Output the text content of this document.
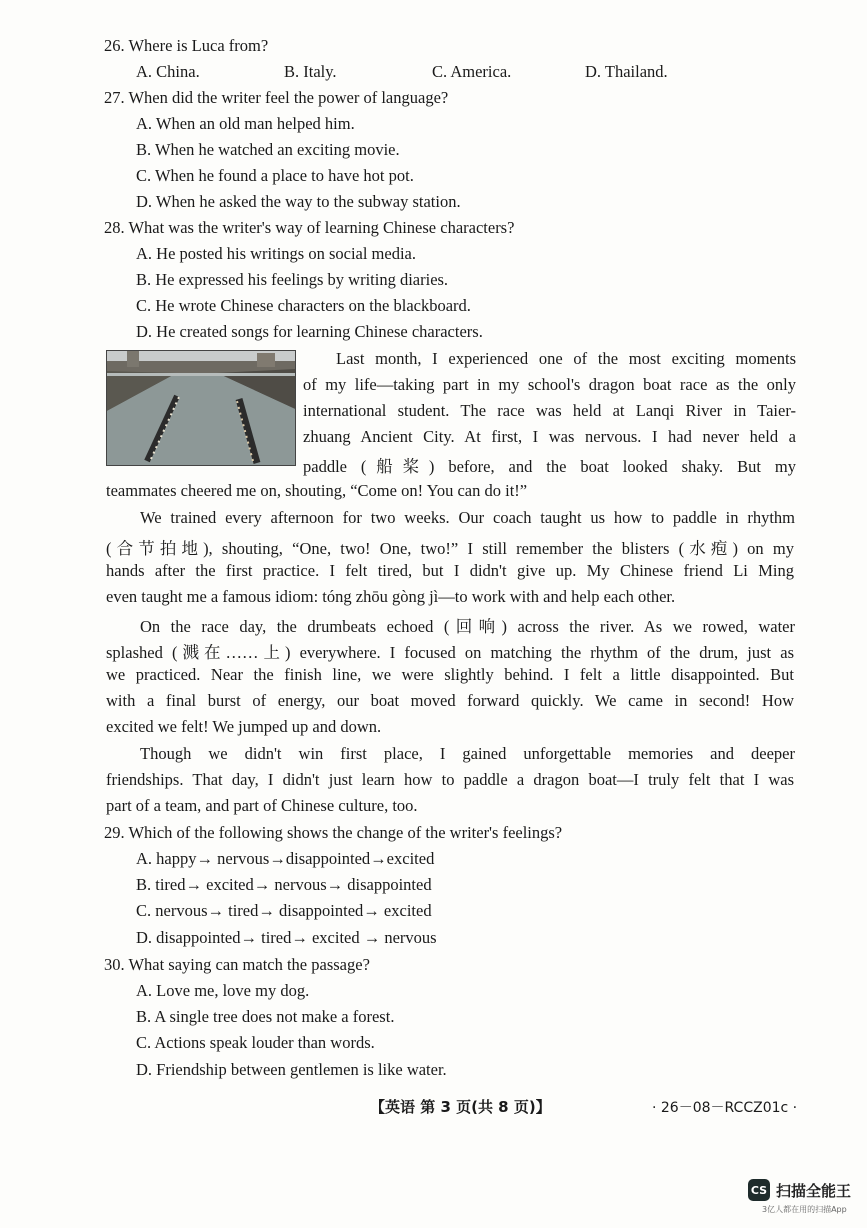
26. Where is Luca from?
A. China.	B. Italy.	C. America.	D. Thailand.
27. When did the writer feel the power of language?
A. When an old man helped him.
B. When he watched an exciting movie.
C. When he found a place to have hot pot.
D. When he asked the way to the subway station.
28. What was the writer's way of learning Chinese characters?
A. He posted his writings on social media.
B. He expressed his feelings by writing diaries.
C. He wrote Chinese characters on the blackboard.
D. He created songs for learning Chinese characters.
Last month, I experienced one of the most exciting moments
of my life—taking part in my school's dragon boat race as the only
international student. The race was held at Lanqi River in Taier-
zhuang Ancient City. At first, I was nervous. I had never held a
paddle (船桨) before, and the boat looked shaky. But my
teammates cheered me on, shouting, “Come on! You can do it!”
We trained every afternoon for two weeks. Our coach taught us how to paddle in rhythm
(合节拍地), shouting, “One, two! One, two!” I still remember the blisters (水疱) on my
hands after the first practice. I felt tired, but I didn't give up. My Chinese friend Li Ming
even taught me a famous idiom: tóng zhōu gòng jì—to work with and help each other.
On the race day, the drumbeats echoed (回响) across the river. As we rowed, water
splashed (溅在……上) everywhere. I focused on matching the rhythm of the drum, just as
we practiced. Near the finish line, we were slightly behind. I felt a little disappointed. But
with a final burst of energy, our boat moved forward quickly. We came in second! How
excited we felt! We jumped up and down.
Though we didn't win first place, I gained unforgettable memories and deeper
friendships. That day, I didn't just learn how to paddle a dragon boat—I truly felt that I was
part of a team, and part of Chinese culture, too.
29. Which of the following shows the change of the writer's feelings?
A. happy→ nervous→disappointed→excited
B. tired→ excited→ nervous→ disappointed
C. nervous→ tired→ disappointed→ excited
D. disappointed→ tired→ excited → nervous
30. What saying can match the passage?
A. Love me, love my dog.
B. A single tree does not make a forest.
C. Actions speak louder than words.
D. Friendship between gentlemen is like water.
【英语 第 3 页(共 8 页)】	· 26－08－RCCZ01c ·
CS 扫描全能王
3亿人都在用的扫描App
